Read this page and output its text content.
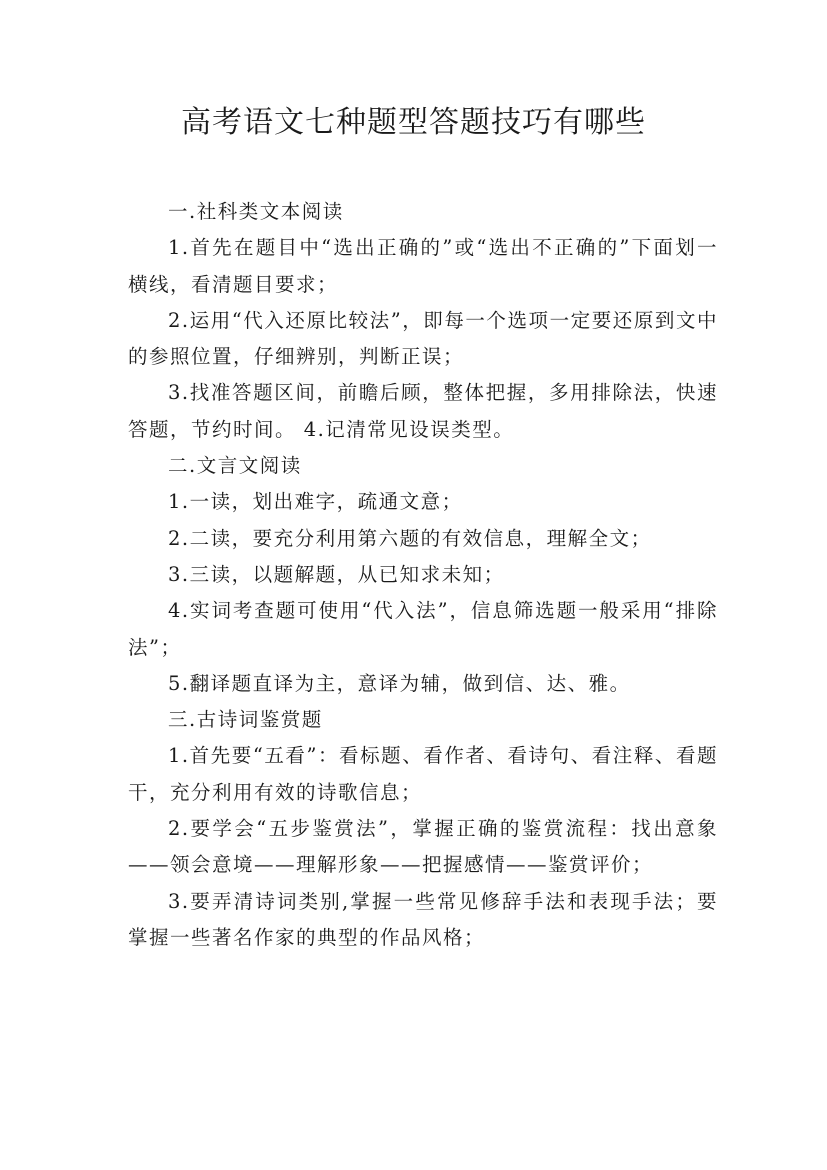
高考语文七种题型答题技巧有哪些

一.社科类文本阅读

1.首先在题目中“选出正确的”或“选出不正确的”下面划一横线，看清题目要求；

2.运用“代入还原比较法”，即每一个选项一定要还原到文中的参照位置，仔细辨别，判断正误；

3.找准答题区间，前瞻后顾，整体把握，多用排除法，快速答题，节约时间。 4.记清常见设误类型。

二.文言文阅读

1.一读，划出难字，疏通文意；

2.二读，要充分利用第六题的有效信息，理解全文；

3.三读，以题解题，从已知求未知；

4.实词考查题可使用“代入法”，信息筛选题一般采用“排除法”；

5.翻译题直译为主，意译为辅，做到信、达、雅。

三.古诗词鉴赏题

1.首先要“五看”：看标题、看作者、看诗句、看注释、看题干，充分利用有效的诗歌信息；

2.要学会“五步鉴赏法”，掌握正确的鉴赏流程：找出意象——领会意境——理解形象——把握感情——鉴赏评价；

3.要弄清诗词类别,掌握一些常见修辞手法和表现手法；要掌握一些著名作家的典型的作品风格；
